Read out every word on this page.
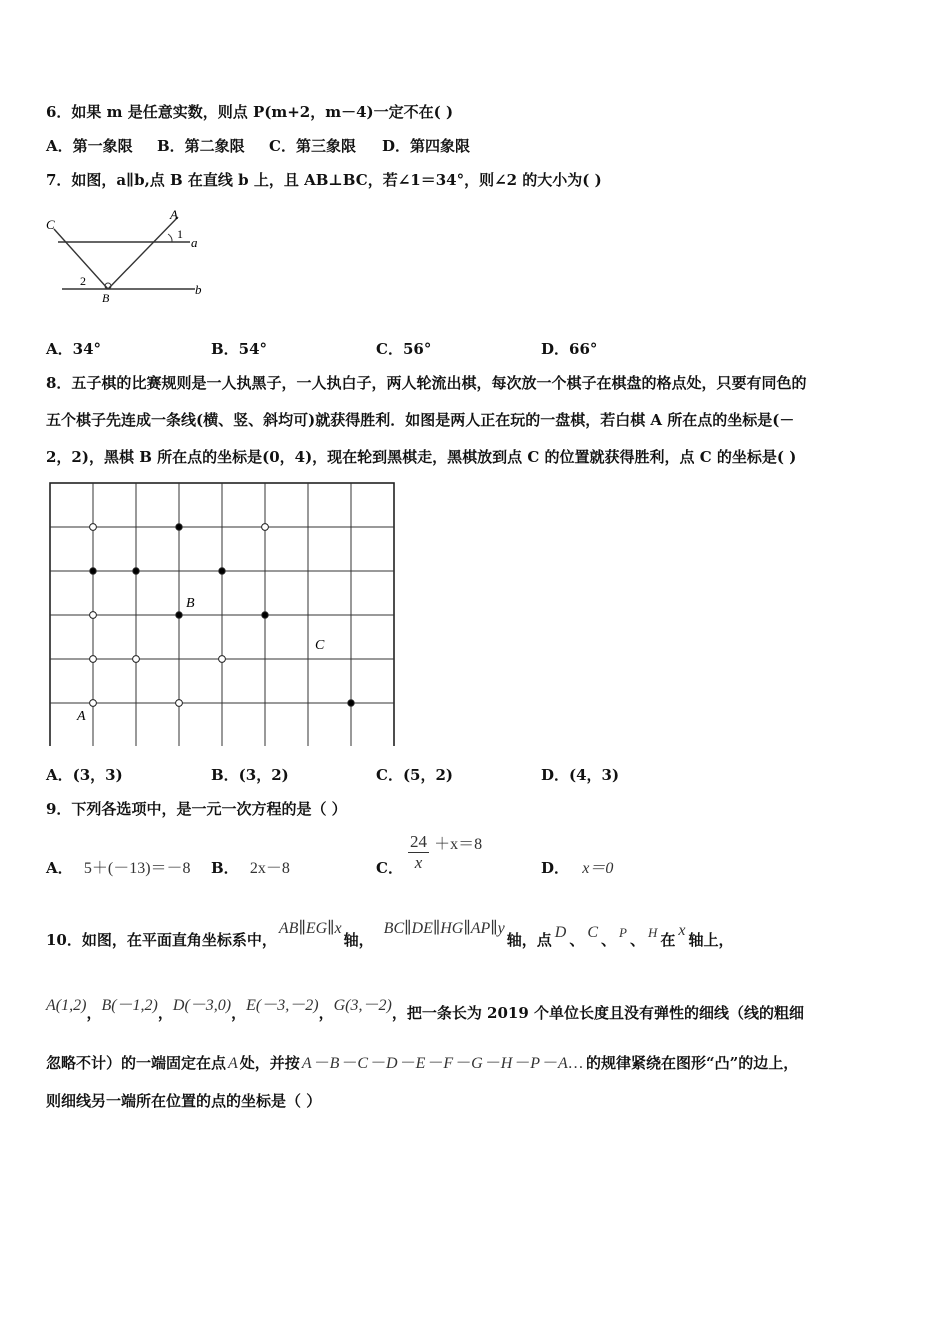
6．如果 m 是任意实数，则点 P(m+2，m－4)一定不在( )
A．第一象限 B．第二象限 C．第三象限 D．第四象限
7．如图，a∥b,点 B 在直线 b 上，且 AB⊥BC，若∠1＝34°，则∠2 的大小为( )
C
A
1
a
2
B
b
A．34°	B．54°	C．56°	D．66°
8．五子棋的比赛规则是一人执黑子，一人执白子，两人轮流出棋，每次放一个棋子在棋盘的格点处，只要有同色的
五个棋子先连成一条线(横、竖、斜均可)就获得胜利．如图是两人正在玩的一盘棋，若白棋 A 所在点的坐标是(－
2，2)，黑棋 B 所在点的坐标是(0，4)，现在轮到黑棋走，黑棋放到点 C 的位置就获得胜利，点 C 的坐标是( )
A
B
C
A．(3，3)	B．(3，2)	C．(5，2)	D．(4，3)
9．下列各选项中，是一元一次方程的是（ ）
A． 5＋(－13)＝－8 B． 2x－8	C． $\frac{24}{x} +x=8$
D． x＝0
10．如图，在平面直角坐标系中，AB∥EG∥x轴，BC∥DE∥HG∥AP∥y轴，点 D 、 C 、 P 、 H 在x轴上，
A(1,2)，B(－1,2)，D(－3,0)，E(－3,－2)，G(3,－2)，把一条长为 2019 个单位长度且没有弹性的细线（线的粗细
忽略不计）的一端固定在点 A 处，并按 A－B－C－D－E－F－G－H－P－A… 的规律紧绕在图形“凸”的边上，
则细线另一端所在位置的点的坐标是（ ）
